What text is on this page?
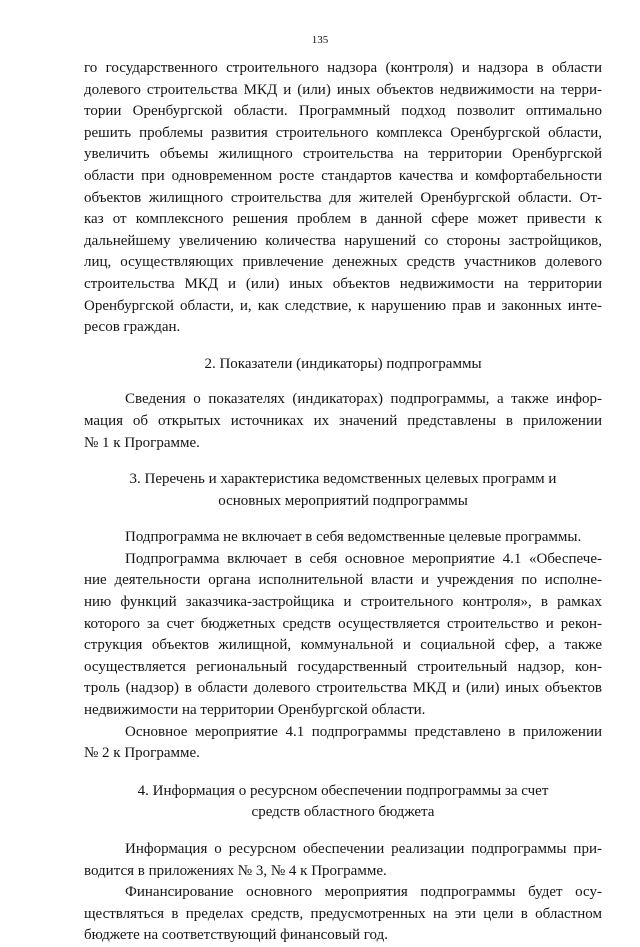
135
го государственного строительного надзора (контроля) и надзора в области
долевого строительства МКД и (или) иных объектов недвижимости на терри-
тории Оренбургской области. Программный подход позволит оптимально
решить проблемы развития строительного комплекса Оренбургской области,
увеличить объемы жилищного строительства на территории Оренбургской
области при одновременном росте стандартов качества и комфортабельности
объектов жилищного строительства для жителей Оренбургской области. От-
каз от комплексного решения проблем в данной сфере может привести к
дальнейшему увеличению количества нарушений со стороны застройщиков,
лиц, осуществляющих привлечение денежных средств участников долевого
строительства МКД и (или) иных объектов недвижимости на территории
Оренбургской области, и, как следствие, к нарушению прав и законных инте-
ресов граждан.
2. Показатели (индикаторы) подпрограммы
Сведения о показателях (индикаторах) подпрограммы, а также инфор-
мация об открытых источниках их значений представлены в приложении
№ 1 к Программе.
3. Перечень и характеристика ведомственных целевых программ и
основных мероприятий подпрограммы
Подпрограмма не включает в себя ведомственные целевые программы.
Подпрограмма включает в себя основное мероприятие 4.1 «Обеспече-
ние деятельности органа исполнительной власти и учреждения по исполне-
нию функций заказчика-застройщика и строительного контроля», в рамках
которого за счет бюджетных средств осуществляется строительство и рекон-
струкция объектов жилищной, коммунальной и социальной сфер, а также
осуществляется региональный государственный строительный надзор, кон-
троль (надзор) в области долевого строительства МКД и (или) иных объектов
недвижимости на территории Оренбургской области.
Основное мероприятие 4.1 подпрограммы представлено в приложении
№ 2 к Программе.
4. Информация о ресурсном обеспечении подпрограммы за счет
средств областного бюджета
Информация о ресурсном обеспечении реализации подпрограммы при-
водится в приложениях № 3, № 4 к Программе.
Финансирование основного мероприятия подпрограммы будет осу-
ществляться в пределах средств, предусмотренных на эти цели в областном
бюджете на соответствующий финансовый год.
